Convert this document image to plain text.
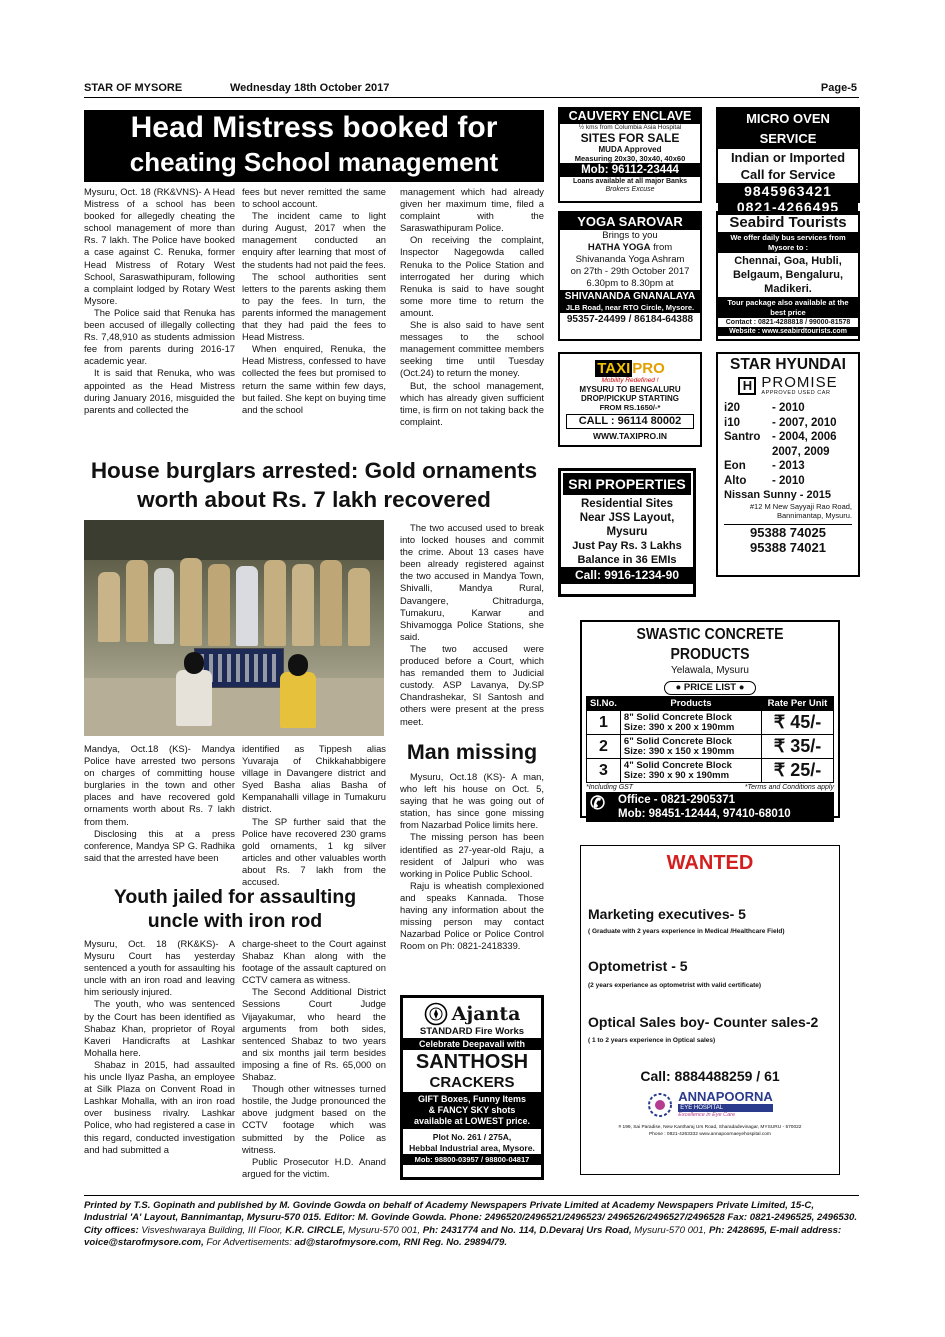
STAR OF MYSORE	Wednesday 18th October 2017	Page-5
Head Mistress booked for
cheating School management

Mysuru, Oct. 18 (RK&VNS)- A Head Mistress of a school has been booked for allegedly cheating the school management of more than Rs. 7 lakh. The Police have booked a case against C. Renuka, former Head Mistress of Rotary West School, Saraswathipuram, following a complaint lodged by Rotary West Mysore.

The Police said that Renuka has been accused of illegally collecting Rs. 7,48,910 as students admission fee from parents during 2016-17 academic year.

It is said that Renuka, who was appointed as the Head Mistress during January 2016, misguided the parents and collected the

fees but never remitted the same to school account.

The incident came to light during August, 2017 when the management conducted an enquiry after learning that most of the students had not paid the fees.

The school authorities sent letters to the parents asking them to pay the fees. In turn, the parents informed the management that they had paid the fees to Head Mistress.

When enquired, Renuka, the Head Mistress, confessed to have collected the fees but promised to return the same within few days, but failed. She kept on buying time and the school

management which had already given her maximum time, filed a complaint with the Saraswathipuram Police.

On receiving the complaint, Inspector Nagegowda called Renuka to the Police Station and interrogated her during which Renuka is said to have sought some more time to return the amount.

She is also said to have sent messages to the school management committee members seeking time until Tuesday (Oct.24) to return the money.

But, the school management, which has already given sufficient time, is firm on not taking back the complaint.

House burglars arrested: Gold ornaments
worth about Rs. 7 lakh recovered

The two accused used to break into locked houses and commit the crime. About 13 cases have been already registered against the two accused in Mandya Town, Shivalli, Mandya Rural, Davangere, Chitradurga, Tumakuru, Karwar and Shivamogga Police Stations, she said.

The two accused were produced before a Court, which has remanded them to Judicial custody. ASP Lavanya, Dy.SP Chandrashekar, SI Santosh and others were present at the press meet.

Mandya, Oct.18 (KS)- Mandya Police have arrested two persons on charges of committing house burglaries in the town and other places and have recovered gold ornaments worth about Rs. 7 lakh from them.

Disclosing this at a press conference, Mandya SP G. Radhika said that the arrested have been

identified as Tippesh alias Yuvaraja of Chikkahabbigere village in Davangere district and Syed Basha alias Basha of Kempanahalli village in Tumakuru district.

The SP further said that the Police have recovered 230 grams gold ornaments, 1 kg silver articles and other valuables worth about Rs. 7 lakh from the accused.

Youth jailed for assaulting
uncle with iron rod

Mysuru, Oct. 18 (RK&KS)- A Mysuru Court has yesterday sentenced a youth for assaulting his uncle with an iron road and leaving him seriously injured.

The youth, who was sentenced by the Court has been identified as Shabaz Khan, proprietor of Royal Kaveri Handicrafts at Lashkar Mohalla here.

Shabaz in 2015, had assaulted his uncle Ilyaz Pasha, an employee at Silk Plaza on Convent Road in Lashkar Mohalla, with an iron road over business rivalry. Lashkar Police, who had registered a case in this regard, conducted investigation and had submitted a

charge-sheet to the Court against Shabaz Khan along with the footage of the assault captured on CCTV camera as witness.

The Second Additional District Sessions Court Judge Vijayakumar, who heard the arguments from both sides, sentenced Shabaz to two years and six months jail term besides imposing a fine of Rs. 65,000 on Shabaz.

Though other witnesses turned hostile, the Judge pronounced the above judgment based on the CCTV footage which was submitted by the Police as witness.

Public Prosecutor H.D. Anand argued for the victim.

Man missing

Mysuru, Oct.18 (KS)- A man, who left his house on Oct. 5, saying that he was going out of station, has since gone missing from Nazarbad Police limits here.

The missing person has been identified as 27-year-old Raju, a resident of Jalpuri who was working in Police Public School.

Raju is wheatish complexioned and speaks Kannada. Those having any information about the missing person may contact Nazarbad Police or Police Control Room on Ph: 0821-2418339.

CAUVERY ENCLAVE
½ kms from Columbia Asia Hospital
SITES FOR SALE
MUDA Approved
Measuring 20x30, 30x40, 40x60
Mob: 96112-23444
Loans available at all major Banks
Brokers Excuse
MICRO OVEN SERVICE
Indian or Imported
Call for Service
9845963421
0821-4266495
YOGA SAROVAR
Brings to you
HATHA YOGA from
Shivananda Yoga Ashram
on 27th - 29th October 2017
6.30pm to 8.30pm at
SHIVANANDA GNANALAYA
JLB Road, near RTO Circle, Mysore.
95357-24499 / 86184-64388
Seabird Tourists
We offer daily bus services from Mysore to :
Chennai, Goa, Hubli, Belgaum, Bengaluru, Madikeri.
Tour package also available at the best price
Contact : 0821-4288818 / 99000-81578
Website : www.seabirdtourists.com
TAXI PRO
Mobility Redefined !
MYSURU TO BENGALURU
DROP/PICKUP STARTING
FROM RS.1650/-*
CALL : 96114 80002
WWW.TAXIPRO.IN
STAR HYUNDAI
H PROMISE
APPROVED USED CAR
i20	- 2010
i10	- 2007, 2010
Santro	- 2004, 2006
2007, 2009
Eon	- 2013
Alto	- 2010
Nissan Sunny - 2015
#12 M New Sayyaji Rao Road, Bannimantap, Mysuru.
95388 74025
95388 74021
SRI PROPERTIES
Residential Sites
Near JSS Layout,
Mysuru
Just Pay Rs. 3 Lakhs
Balance in 36 EMIs
Call: 9916-1234-90
SWASTIC CONCRETE PRODUCTS
Yelawala, Mysuru
● PRICE LIST ●
Sl.No.	Products	Rate Per Unit
1	8" Solid Concrete Block
Size: 390 x 200 x 190mm	₹ 45/-
2	6" Solid Concrete Block
Size: 390 x 150 x 190mm	₹ 35/-
3	4" Solid Concrete Block
Size: 390 x 90 x 190mm	₹ 25/-
*Including GST	*Terms and Conditions apply
✆	Office - 0821-2905371
Mob: 98451-12444, 97410-68010
WANTED
Marketing executives- 5
( Graduate with 2 years experience in Medical /Healthcare Field)
Optometrist - 5
(2 years experiance as optometrist with valid certificate)
Optical Sales boy- Counter sales-2
( 1 to 2 years experience in Optical sales)
Call: 8884488259 / 61
ANNAPOORNA
EYE HOSPITAL
Excellence in Eye Care
# 199, Sai Paradise, New Kantharaj Urs Road, Sharadadevinagar, MYSURU - 570022
Phone : 0821-4263332 www.annapoornaeyehospital.com
Ajanta
STANDARD Fire Works
Celebrate Deepavali with
SANTHOSH
CRACKERS
GIFT Boxes, Funny Items
& FANCY SKY shots
available at LOWEST price.
Plot No. 261 / 275A,
Hebbal Industrial area, Mysore.
Mob: 98800-03957 / 98800-04817
Printed by T.S. Gopinath and published by M. Govinde Gowda on behalf of Academy Newspapers Private Limited at Academy Newspapers Private Limited, 15-C, Industrial 'A' Layout, Bannimantap, Mysuru-570 015. Editor: M. Govinde Gowda. Phone: 2496520/2496521/2496523/ 2496526/2496527/2496528 Fax: 0821-2496525, 2496530. City offices: Visveshwaraya Building, III Floor, K.R. CIRCLE, Mysuru-570 001, Ph: 2431774 and No. 114, D.Devaraj Urs Road, Mysuru-570 001, Ph: 2428695, E-mail address: voice@starofmysore.com, For Advertisements: ad@starofmysore.com, RNI Reg. No. 29894/79.
